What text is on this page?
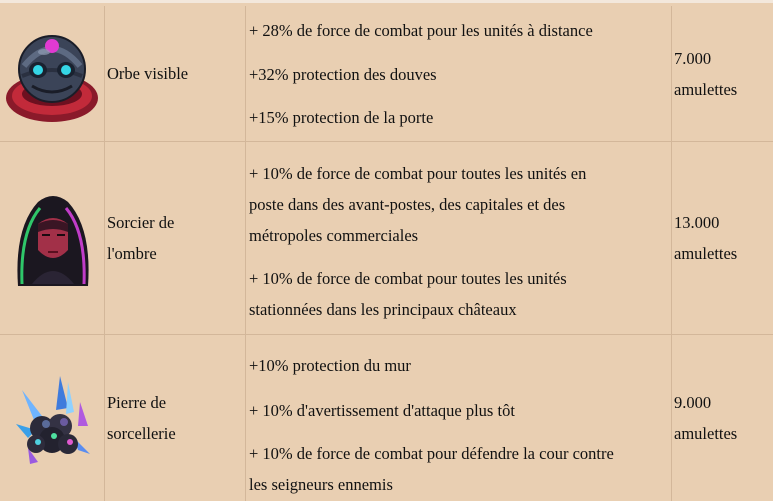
Orbe visible
+ 28% de force de combat pour les unités à distance
+32% protection des douves
+15% protection de la porte
7.000
amulettes
Sorcier de
l'ombre
+ 10% de force de combat pour toutes les unités en
poste dans des avant-postes, des capitales et des
métropoles commerciales
+ 10% de force de combat pour toutes les unités
stationnées dans les principaux châteaux
13.000
amulettes
Pierre de
sorcellerie
+10% protection du mur
+ 10% d'avertissement d'attaque plus tôt
+ 10% de force de combat pour défendre la cour contre
les seigneurs ennemis
9.000
amulettes
